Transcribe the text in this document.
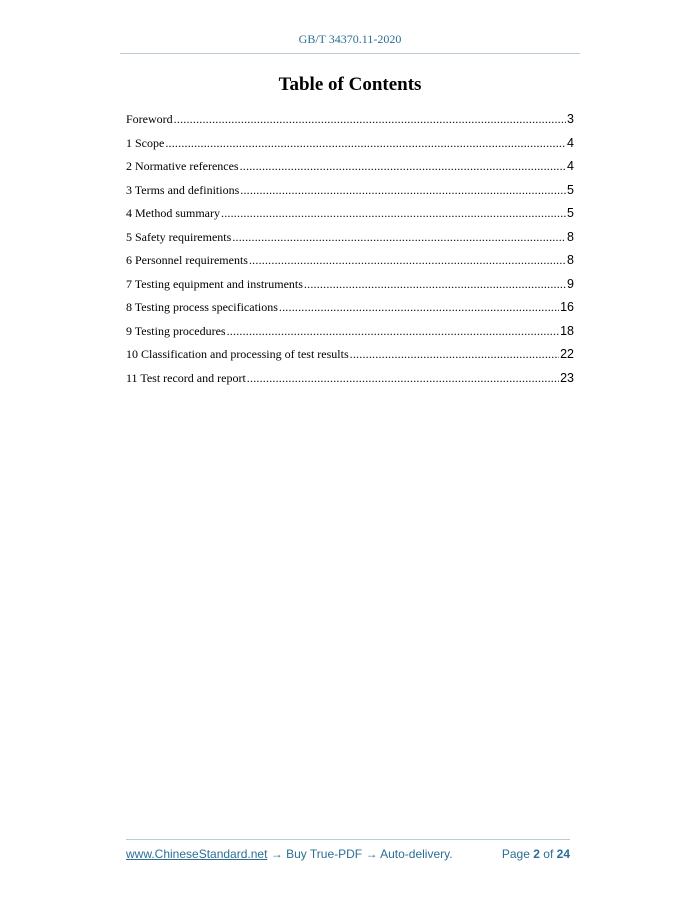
GB/T 34370.11-2020
Table of Contents
Foreword .....	3
1 Scope .....	4
2 Normative references .....	4
3 Terms and definitions .....	5
4 Method summary .....	5
5 Safety requirements .....	8
6 Personnel requirements .....	8
7 Testing equipment and instruments .....	9
8 Testing process specifications .....	16
9 Testing procedures .....	18
10 Classification and processing of test results .....	22
11 Test record and report .....	23
www.ChineseStandard.net → Buy True-PDF → Auto-delivery.	Page 2 of 24
